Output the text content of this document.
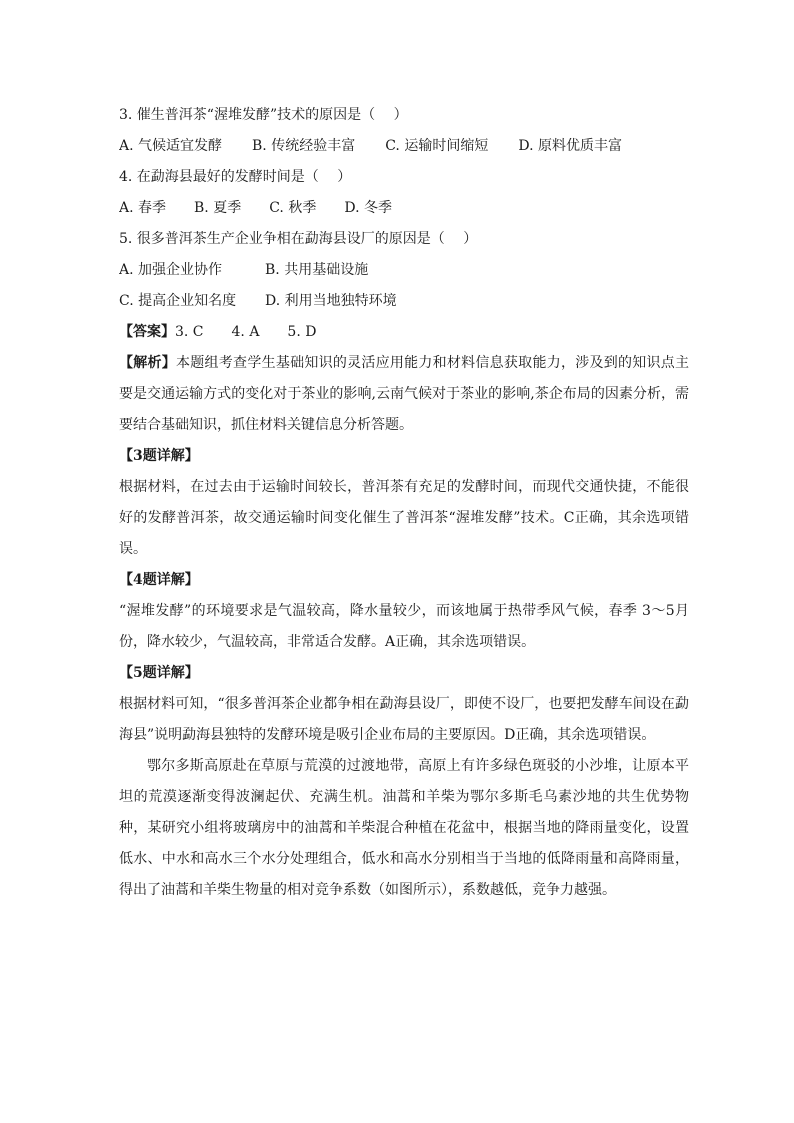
3. 催生普洱茶“渥堆发酵”技术的原因是（　 ）
A. 气候适宜发酵 B. 传统经验丰富 C. 运输时间缩短 D. 原料优质丰富
4. 在勐海县最好的发酵时间是（　 ）
A. 春季 B. 夏季 C. 秋季 D. 冬季
5. 很多普洱茶生产企业争相在勐海县设厂的原因是（　 ）
A. 加强企业协作	B. 共用基础设施
C. 提高企业知名度 D. 利用当地独特环境
【答案】3. C　　4. A　　5. D
【解析】本题组考查学生基础知识的灵活应用能力和材料信息获取能力，涉及到的知识点主要是交通运输方式的变化对于茶业的影响,云南气候对于茶业的影响,茶企布局的因素分析，需要结合基础知识，抓住材料关键信息分析答题。
【3题详解】
根据材料，在过去由于运输时间较长，普洱茶有充足的发酵时间，而现代交通快捷，不能很好的发酵普洱茶，故交通运输时间变化催生了普洱茶“渥堆发酵”技术。C正确，其余选项错误。
【4题详解】
“渥堆发酵”的环境要求是气温较高，降水量较少，而该地属于热带季风气候，春季 3～5月份，降水较少，气温较高，非常适合发酵。A正确，其余选项错误。
【5题详解】
根据材料可知，“很多普洱茶企业都争相在勐海县设厂，即使不设厂，也要把发酵车间设在勐海县”说明勐海县独特的发酵环境是吸引企业布局的主要原因。D正确，其余选项错误。
鄂尔多斯高原赴在草原与荒漠的过渡地带，高原上有许多绿色斑驳的小沙堆，让原本平坦的荒漠逐渐变得波澜起伏、充满生机。油蒿和羊柴为鄂尔多斯毛乌素沙地的共生优势物种，某研究小组将玻璃房中的油蒿和羊柴混合种植在花盆中，根据当地的降雨量变化，设置低水、中水和高水三个水分处理组合，低水和高水分别相当于当地的低降雨量和高降雨量，得出了油蒿和羊柴生物量的相对竞争系数（如图所示），系数越低，竞争力越强。
